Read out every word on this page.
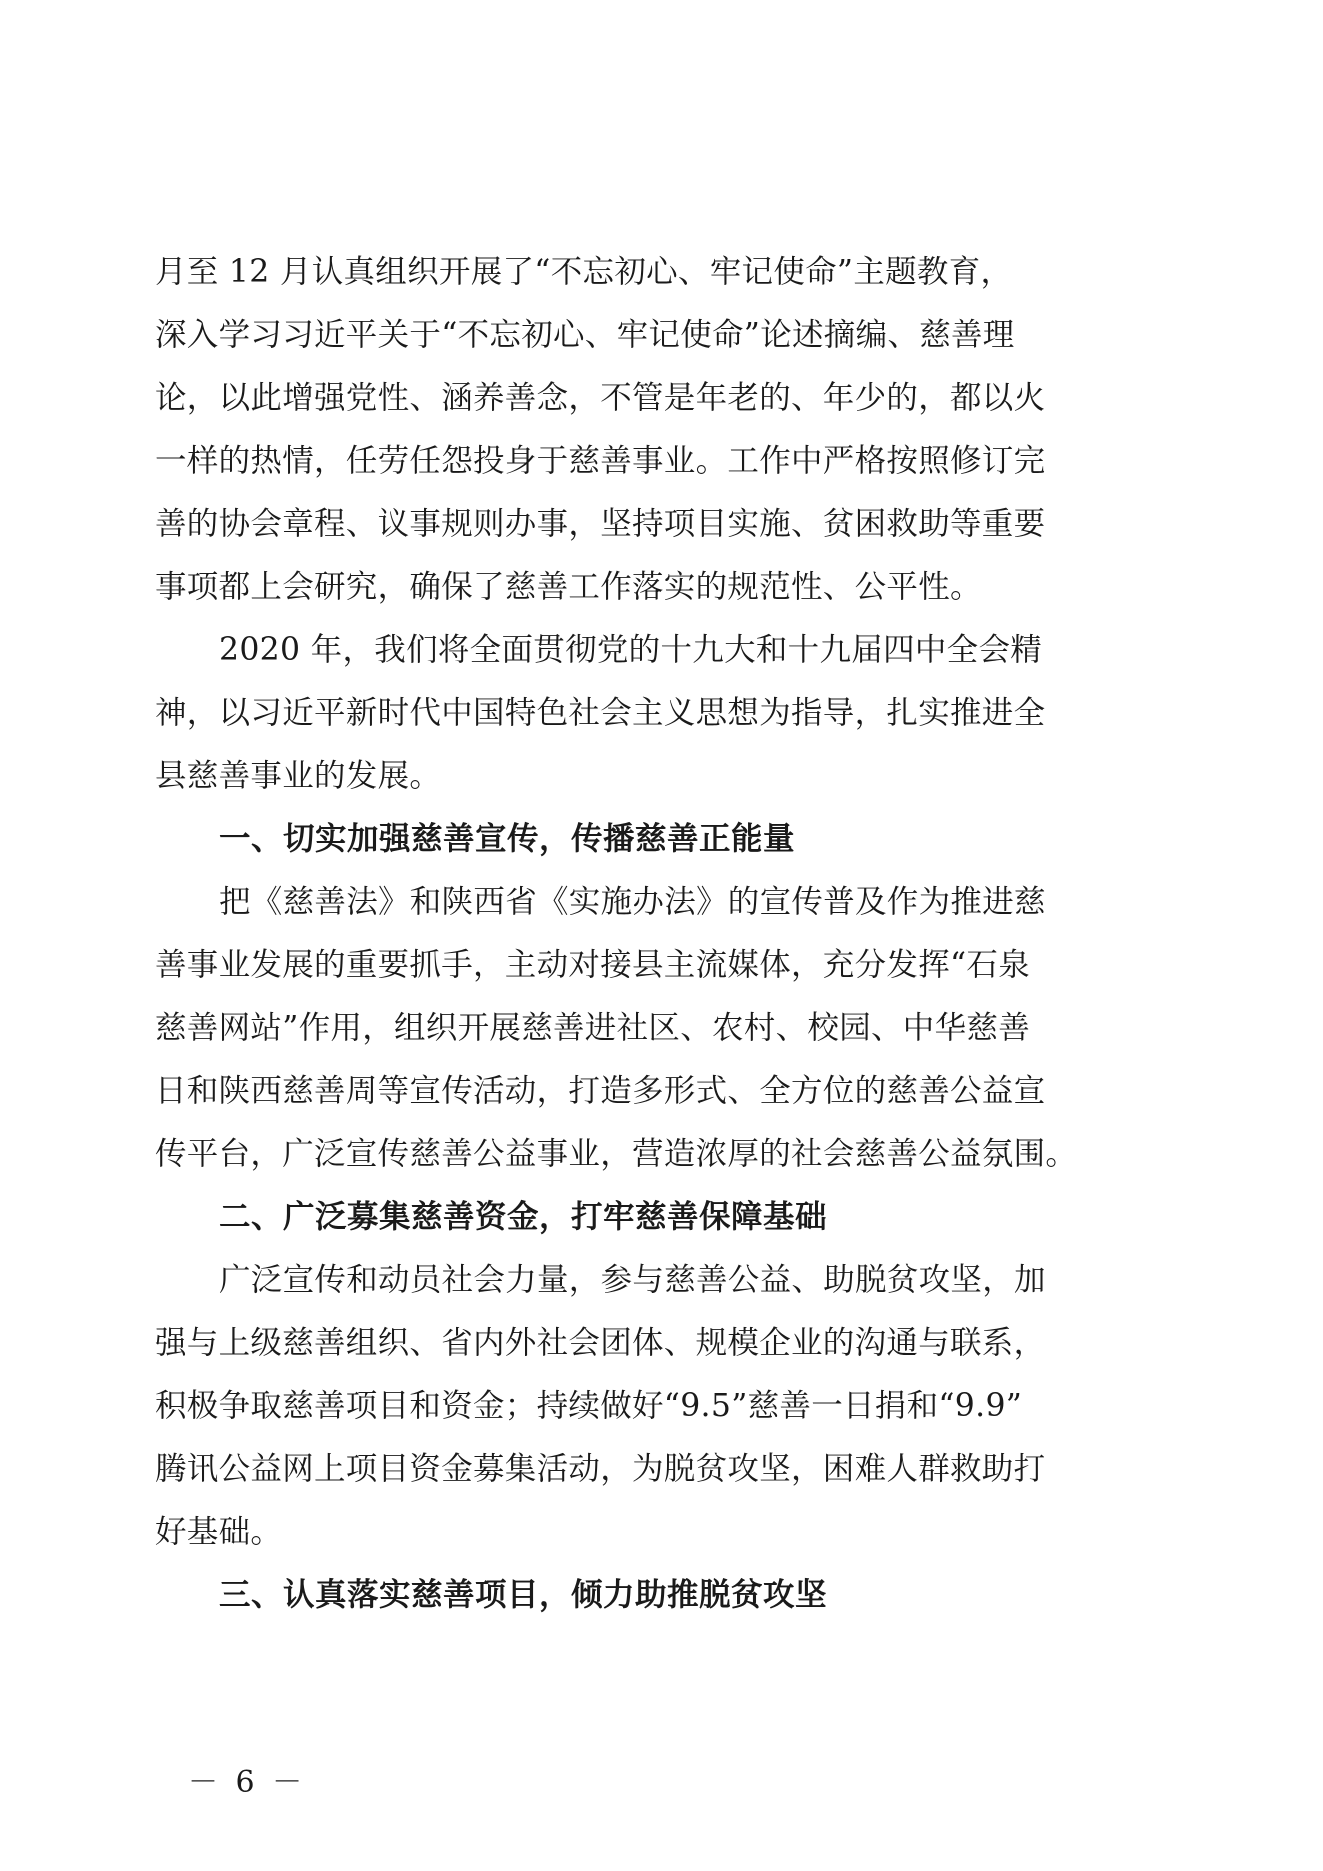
月至 12 月认真组织开展了“不忘初心、牢记使命”主题教育，
深入学习习近平关于“不忘初心、牢记使命”论述摘编、慈善理
论，以此增强党性、涵养善念，不管是年老的、年少的，都以火
一样的热情，任劳任怨投身于慈善事业。工作中严格按照修订完
善的协会章程、议事规则办事，坚持项目实施、贫困救助等重要
事项都上会研究，确保了慈善工作落实的规范性、公平性。
2020 年，我们将全面贯彻党的十九大和十九届四中全会精
神，以习近平新时代中国特色社会主义思想为指导，扎实推进全
县慈善事业的发展。
一、切实加强慈善宣传，传播慈善正能量
把《慈善法》和陕西省《实施办法》的宣传普及作为推进慈
善事业发展的重要抓手，主动对接县主流媒体，充分发挥“石泉
慈善网站”作用，组织开展慈善进社区、农村、校园、中华慈善
日和陕西慈善周等宣传活动，打造多形式、全方位的慈善公益宣
传平台，广泛宣传慈善公益事业，营造浓厚的社会慈善公益氛围。
二、广泛募集慈善资金，打牢慈善保障基础
广泛宣传和动员社会力量，参与慈善公益、助脱贫攻坚，加
强与上级慈善组织、省内外社会团体、规模企业的沟通与联系，
积极争取慈善项目和资金；持续做好“9.5”慈善一日捐和“9.9”
腾讯公益网上项目资金募集活动，为脱贫攻坚，困难人群救助打
好基础。
三、认真落实慈善项目，倾力助推脱贫攻坚
－ 6 －
